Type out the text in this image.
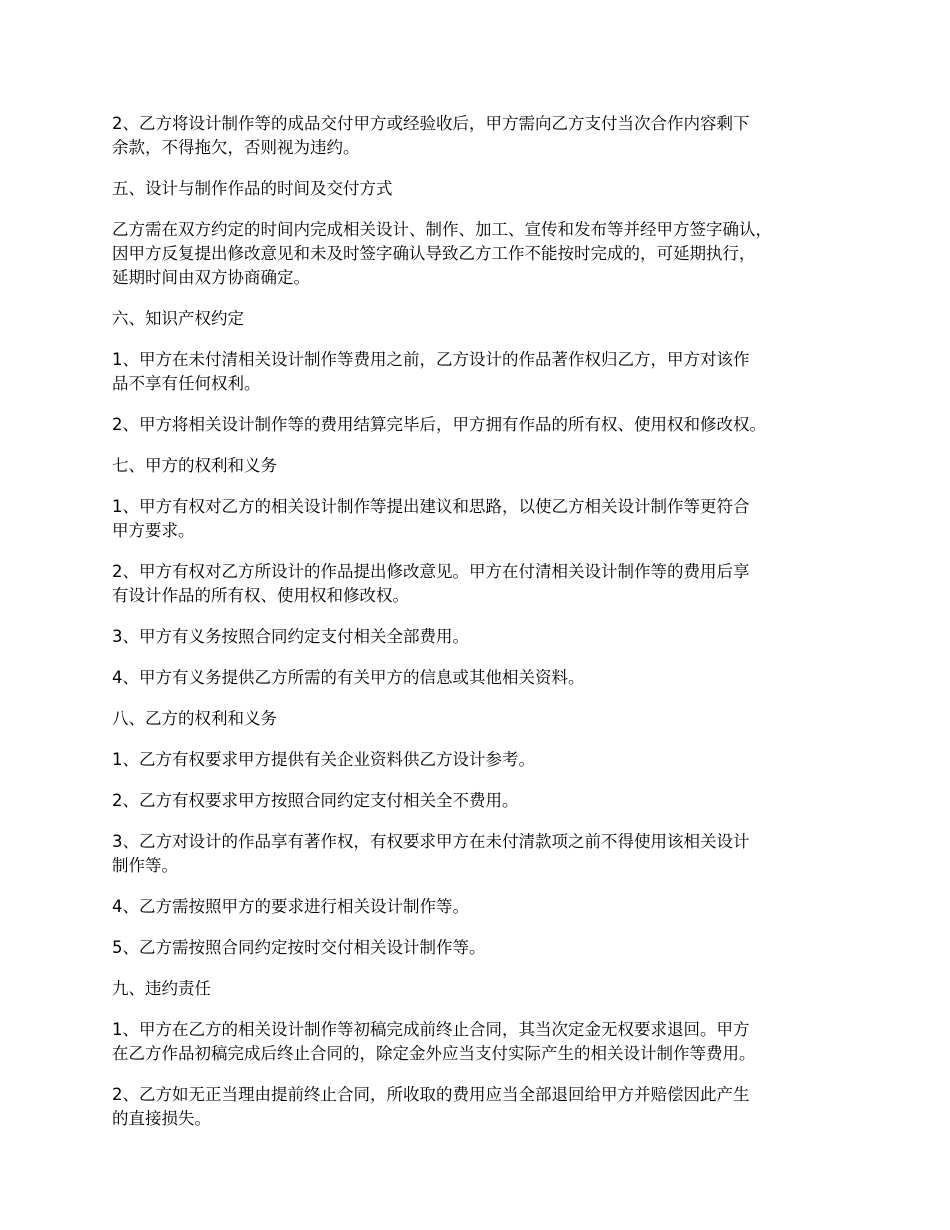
2、乙方将设计制作等的成品交付甲方或经验收后，甲方需向乙方支付当次合作内容剩下
余款，不得拖欠，否则视为违约。
五、设计与制作作品的时间及交付方式
乙方需在双方约定的时间内完成相关设计、制作、加工、宣传和发布等并经甲方签字确认，
因甲方反复提出修改意见和未及时签字确认导致乙方工作不能按时完成的，可延期执行，
延期时间由双方协商确定。
六、知识产权约定
1、甲方在未付清相关设计制作等费用之前，乙方设计的作品著作权归乙方，甲方对该作
品不享有任何权利。
2、甲方将相关设计制作等的费用结算完毕后，甲方拥有作品的所有权、使用权和修改权。
七、甲方的权利和义务
1、甲方有权对乙方的相关设计制作等提出建议和思路，以使乙方相关设计制作等更符合
甲方要求。
2、甲方有权对乙方所设计的作品提出修改意见。甲方在付清相关设计制作等的费用后享
有设计作品的所有权、使用权和修改权。
3、甲方有义务按照合同约定支付相关全部费用。
4、甲方有义务提供乙方所需的有关甲方的信息或其他相关资料。
八、乙方的权利和义务
1、乙方有权要求甲方提供有关企业资料供乙方设计参考。
2、乙方有权要求甲方按照合同约定支付相关全不费用。
3、乙方对设计的作品享有著作权，有权要求甲方在未付清款项之前不得使用该相关设计
制作等。
4、乙方需按照甲方的要求进行相关设计制作等。
5、乙方需按照合同约定按时交付相关设计制作等。
九、违约责任
1、甲方在乙方的相关设计制作等初稿完成前终止合同，其当次定金无权要求退回。甲方
在乙方作品初稿完成后终止合同的，除定金外应当支付实际产生的相关设计制作等费用。
2、乙方如无正当理由提前终止合同，所收取的费用应当全部退回给甲方并赔偿因此产生
的直接损失。
